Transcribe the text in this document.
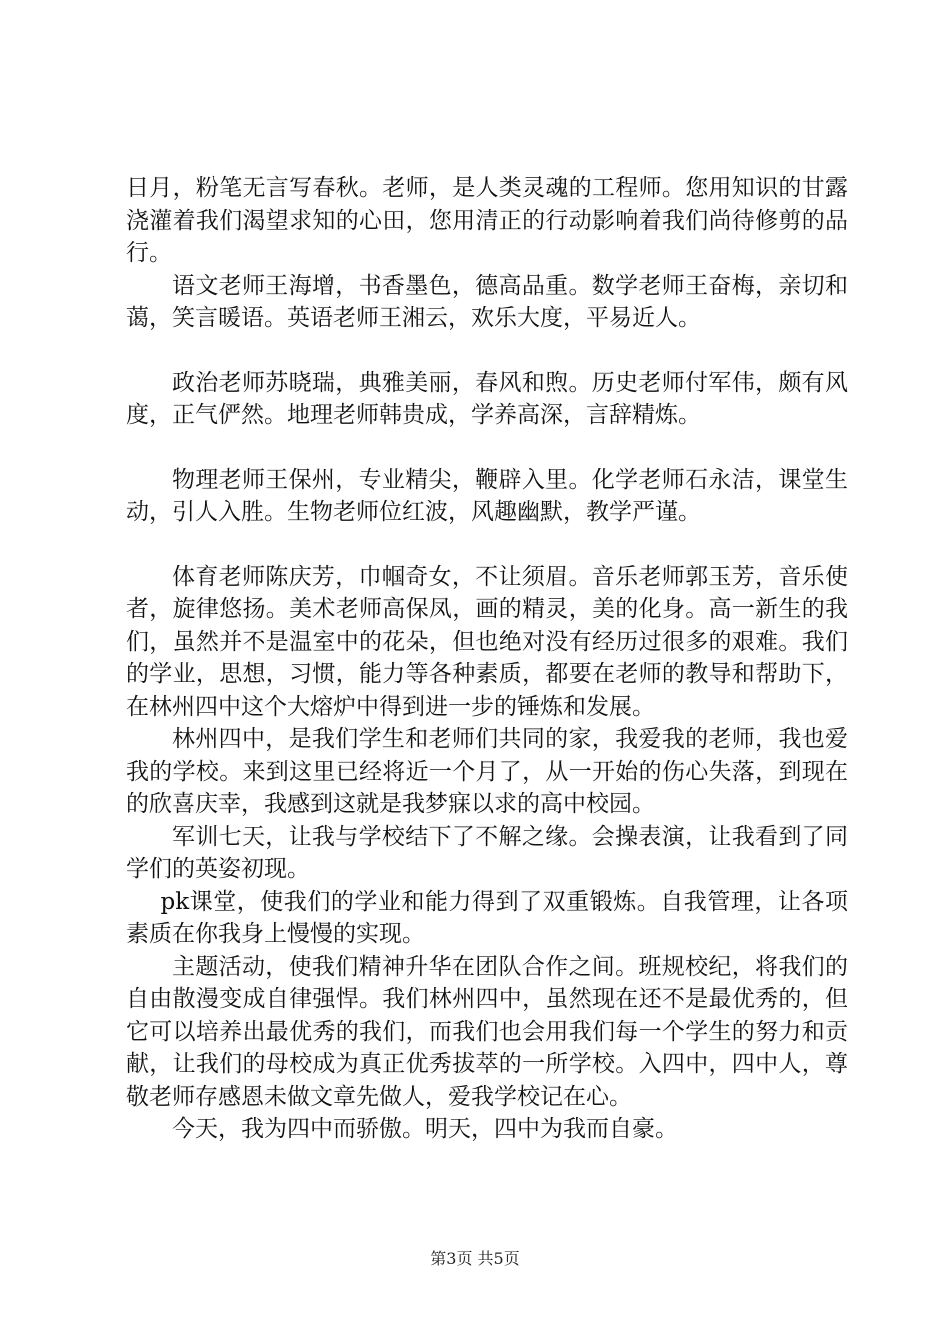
日月，粉笔无言写春秋。老师，是人类灵魂的工程师。您用知识的甘露浇灌着我们渴望求知的心田，您用清正的行动影响着我们尚待修剪的品行。

语文老师王海增，书香墨色，德高品重。数学老师王奋梅，亲切和蔼，笑言暖语。英语老师王湘云，欢乐大度，平易近人。

政治老师苏晓瑞，典雅美丽，春风和煦。历史老师付军伟，颇有风度，正气俨然。地理老师韩贵成，学养高深，言辞精炼。

物理老师王保州，专业精尖，鞭辟入里。化学老师石永洁，课堂生动，引人入胜。生物老师位红波，风趣幽默，教学严谨。

体育老师陈庆芳，巾帼奇女，不让须眉。音乐老师郭玉芳，音乐使者，旋律悠扬。美术老师高保凤，画的精灵，美的化身。高一新生的我们，虽然并不是温室中的花朵，但也绝对没有经历过很多的艰难。我们的学业，思想，习惯，能力等各种素质，都要在老师的教导和帮助下，在林州四中这个大熔炉中得到进一步的锤炼和发展。

林州四中，是我们学生和老师们共同的家，我爱我的老师，我也爱我的学校。来到这里已经将近一个月了，从一开始的伤心失落，到现在的欣喜庆幸，我感到这就是我梦寐以求的高中校园。

军训七天，让我与学校结下了不解之缘。会操表演，让我看到了同学们的英姿初现。

pk课堂，使我们的学业和能力得到了双重锻炼。自我管理，让各项素质在你我身上慢慢的实现。

主题活动，使我们精神升华在团队合作之间。班规校纪，将我们的自由散漫变成自律强悍。我们林州四中，虽然现在还不是最优秀的，但它可以培养出最优秀的我们，而我们也会用我们每一个学生的努力和贡献，让我们的母校成为真正优秀拔萃的一所学校。入四中，四中人，尊敬老师存感恩未做文章先做人，爱我学校记在心。

今天，我为四中而骄傲。明天，四中为我而自豪。

第3页 共5页
